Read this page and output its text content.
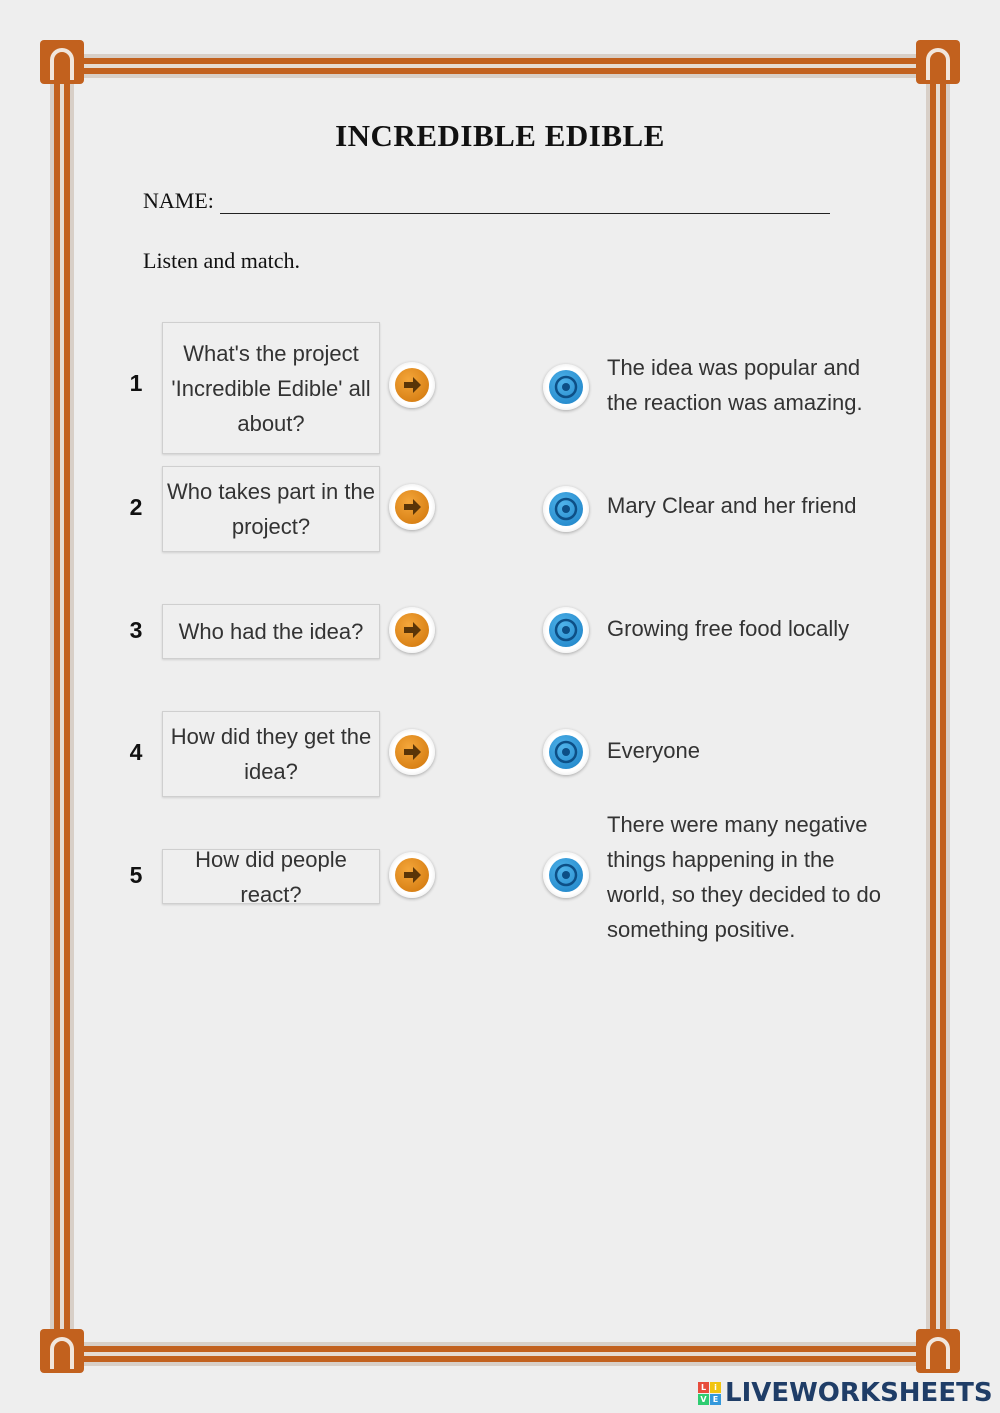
INCREDIBLE EDIBLE
NAME:
Listen and match.
1
What's the project 'Incredible Edible' all about?
The idea was popular and the reaction was amazing.
2
Who takes part in the project?
Mary Clear and her friend
3 Who had the idea?	Growing free food locally
4
How did they get the idea?
Everyone
5
How did people react?
There were many negative things happening in the world, so they decided to do something positive.
L	i
V E LIVEWORKSHEETS
